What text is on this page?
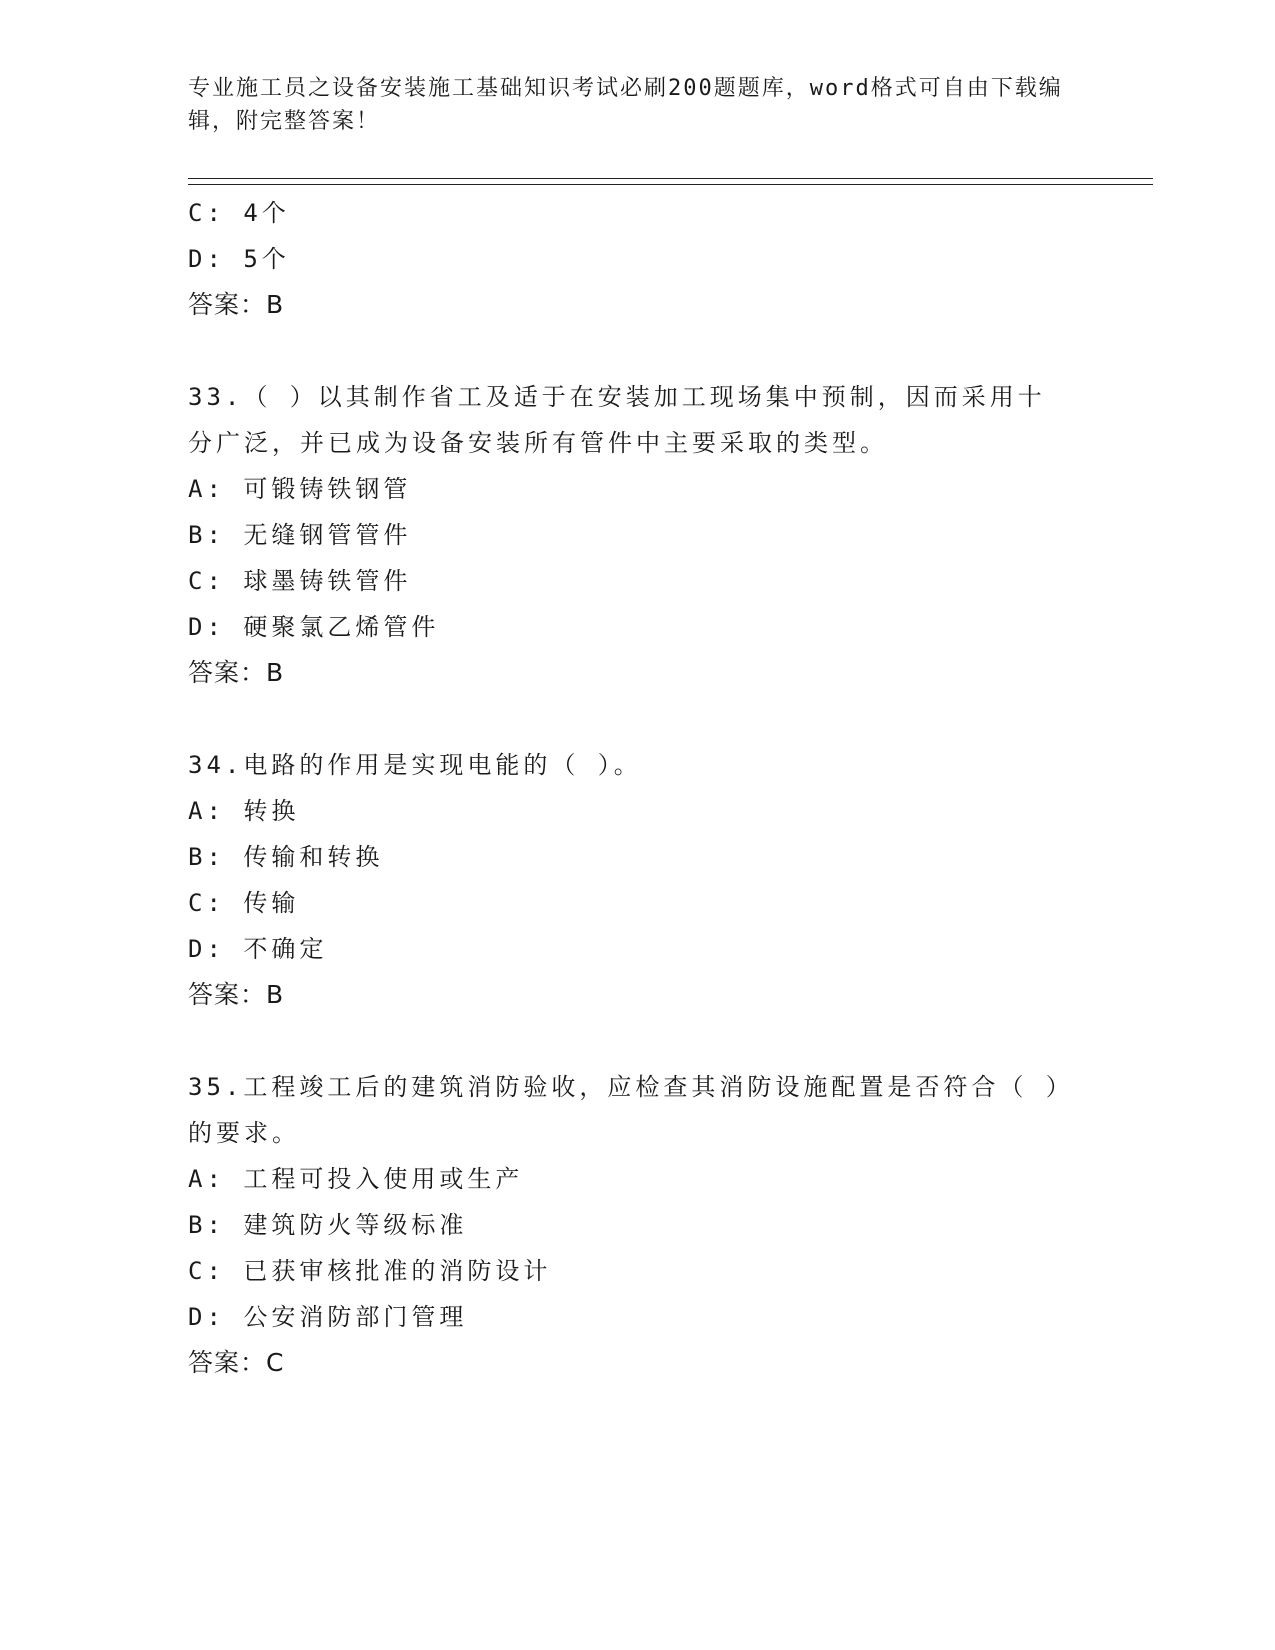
专业施工员之设备安装施工基础知识考试必刷200题题库，word格式可自由下载编辑，附完整答案！
C: 4个
D: 5个
答案：B
33.（ ）以其制作省工及适于在安装加工现场集中预制，因而采用十分广泛，并已成为设备安装所有管件中主要采取的类型。
A: 可锻铸铁钢管
B: 无缝钢管管件
C: 球墨铸铁管件
D: 硬聚氯乙烯管件
答案：B
34.电路的作用是实现电能的（ ）。
A: 转换
B: 传输和转换
C: 传输
D: 不确定
答案：B
35.工程竣工后的建筑消防验收，应检查其消防设施配置是否符合（ ）的要求。
A: 工程可投入使用或生产
B: 建筑防火等级标准
C: 已获审核批准的消防设计
D: 公安消防部门管理
答案：C
